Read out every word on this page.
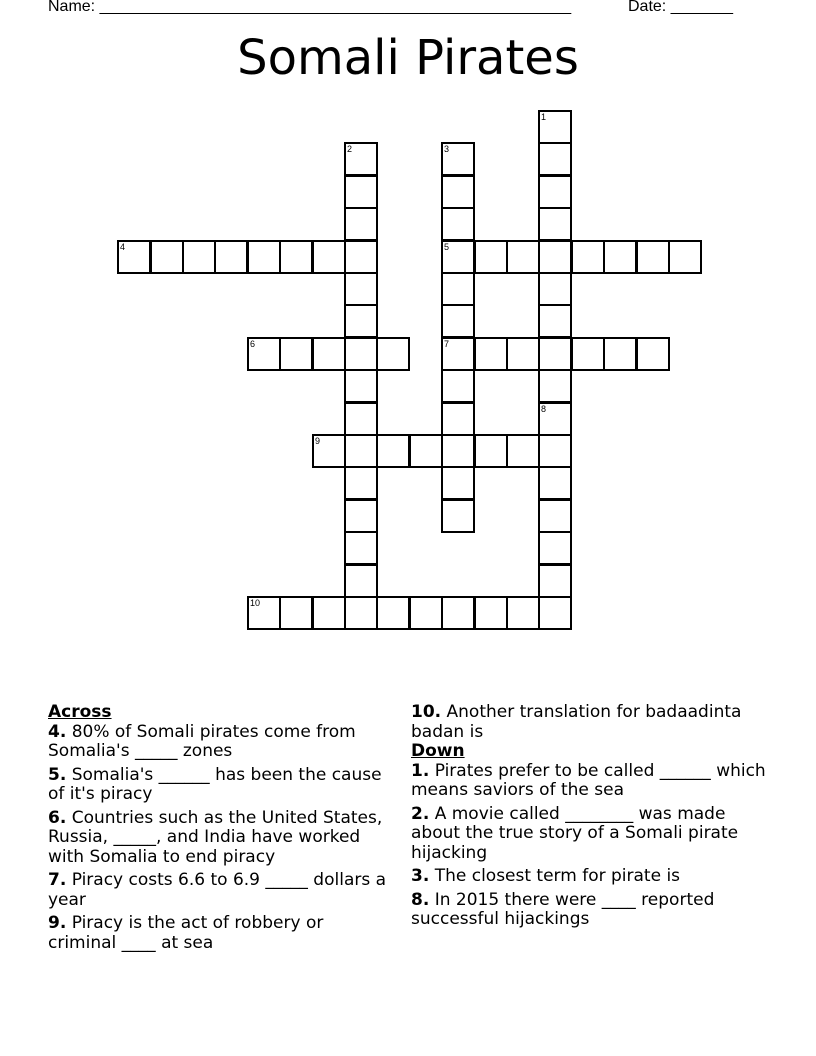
Name: _____________________________________________________	Date: _______
Somali Pirates
1
8
2	3
5
7
4
6
9
10

Across

4. 80% of Somali pirates come from Somalia's _____ zones

5. Somalia's ______ has been the cause of it's piracy

6. Countries such as the United States, Russia, _____, and India have worked with Somalia to end piracy

7. Piracy costs 6.6 to 6.9 _____ dollars a year

9. Piracy is the act of robbery or criminal ____ at sea

10. Another translation for badaadinta badan is

Down

1. Pirates prefer to be called ______ which means saviors of the sea

2. A movie called ________ was made about the true story of a Somali pirate hijacking

3. The closest term for pirate is

8. In 2015 there were ____ reported successful hijackings
